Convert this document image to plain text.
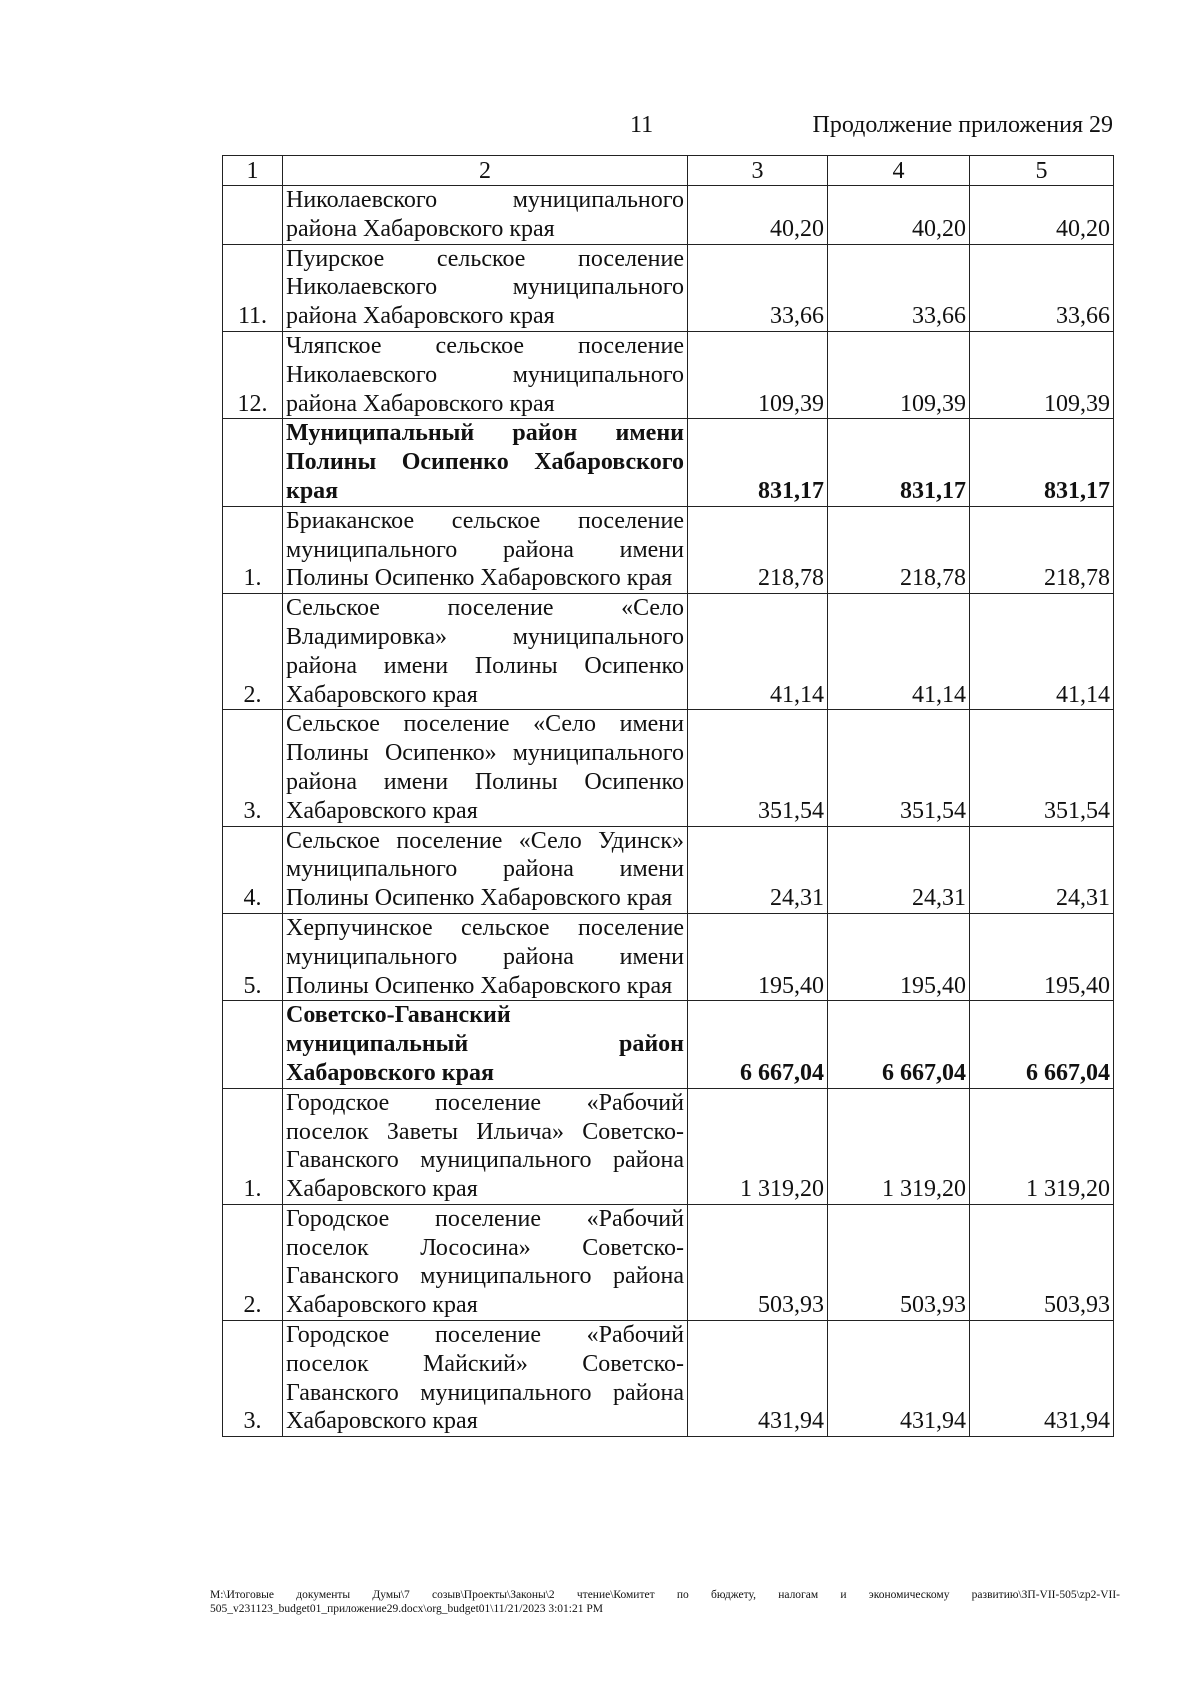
11	Продолжение приложения 29
1	2	3	4	5
	Николаевского муниципального района Хабаровского края	40,20	40,20	40,20
11.	Пуирское сельское поселение Николаевского муниципального района Хабаровского края	33,66	33,66	33,66
12.	Чляпское сельское поселение Николаевского муниципального района Хабаровского края	109,39	109,39	109,39
	Муниципальный район имени Полины Осипенко Хабаровского края	831,17	831,17	831,17
1.	Бриаканское сельское поселение муниципального района имени Полины Осипенко Хабаровского края	218,78	218,78	218,78
2.	Сельское поселение «Село Владимировка» муниципального района имени Полины Осипенко Хабаровского края	41,14	41,14	41,14
3.	Сельское поселение «Село имени Полины Осипенко» муниципального района имени Полины Осипенко Хабаровского края	351,54	351,54	351,54
4.	Сельское поселение «Село Удинск» муниципального района имени Полины Осипенко Хабаровского края	24,31	24,31	24,31
5.	Херпучинское сельское поселение муниципального района имени Полины Осипенко Хабаровского края	195,40	195,40	195,40
	Советско-Гаванский муниципальный район Хабаровского края	6 667,04	6 667,04	6 667,04
1.	Городское поселение «Рабочий поселок Заветы Ильича» Советско-Гаванского муниципального района Хабаровского края	1 319,20	1 319,20	1 319,20
2.	Городское поселение «Рабочий поселок Лососина» Советско-Гаванского муниципального района Хабаровского края	503,93	503,93	503,93
3.	Городское поселение «Рабочий поселок Майский» Советско-Гаванского муниципального района Хабаровского края	431,94	431,94	431,94
M:\Итоговые документы Думы\7 созыв\Проекты\Законы\2 чтение\Комитет по бюджету, налогам и экономическому развитию\ЗП-VII-505\zp2-VII-505_v231123_budget01_приложение29.docx\org_budget01\11/21/2023 3:01:21 PM
